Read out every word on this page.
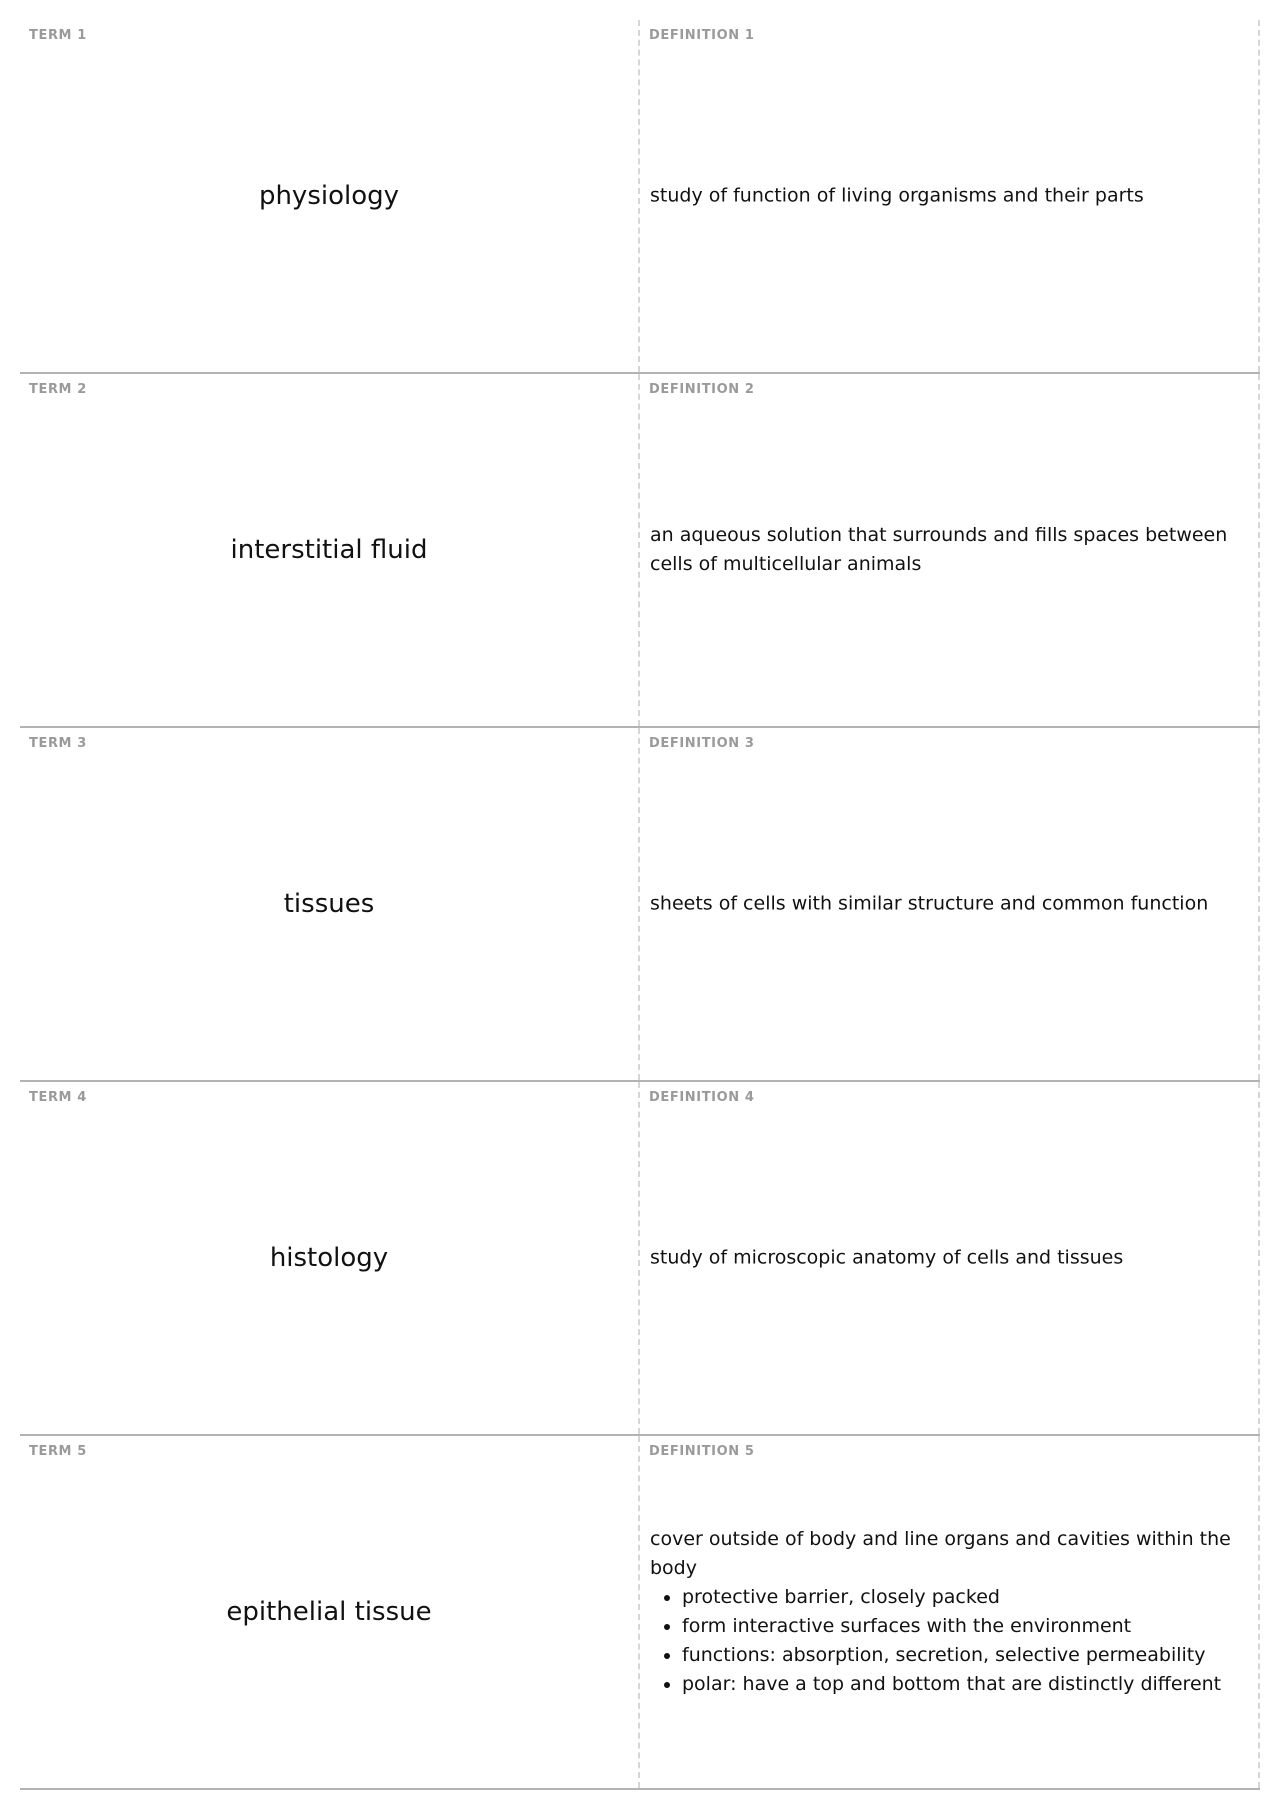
TERM 1
physiology
DEFINITION 1
study of function of living organisms and their parts
TERM 2
interstitial fluid
DEFINITION 2
an aqueous solution that surrounds and fills spaces between cells of multicellular animals
TERM 3
tissues
DEFINITION 3
sheets of cells with similar structure and common function
TERM 4
histology
DEFINITION 4
study of microscopic anatomy of cells and tissues
TERM 5
epithelial tissue
DEFINITION 5
cover outside of body and line organs and cavities within the body
• protective barrier, closely packed
• form interactive surfaces with the environment
• functions: absorption, secretion, selective permeability
• polar: have a top and bottom that are distinctly different
